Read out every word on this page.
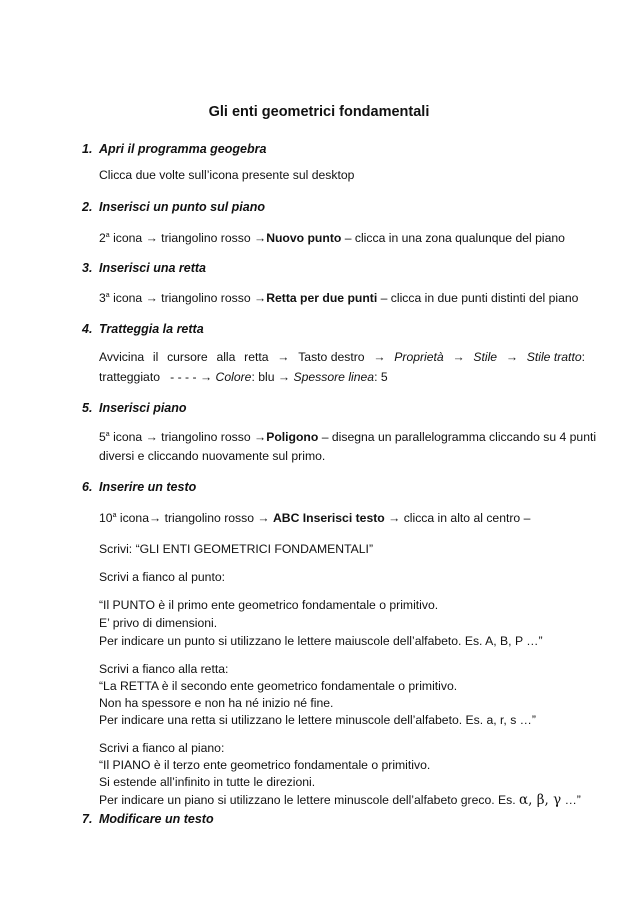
Gli enti geometrici fondamentali
1. Apri il programma geogebra
Clicca due volte sull’icona presente sul desktop
2. Inserisci un punto sul piano
2$^a$ icona → triangolino rosso →Nuovo punto – clicca in una zona qualunque del piano
3. Inserisci una retta
3$^a$ icona → triangolino rosso →Retta per due punti – clicca in due punti distinti del piano
4. Tratteggia la retta
Avvicina il cursore alla retta → Tasto destro → Proprietà → Stile → Stile tratto:
tratteggiato - - - - → Colore: blu → Spessore linea: 5
5. Inserisci piano
5$^a$ icona → triangolino rosso →Poligono – disegna un parallelogramma cliccando su 4 punti
diversi e cliccando nuovamente sul primo.
6. Inserire un testo
10$^a$ icona→ triangolino rosso → ABC Inserisci testo → clicca in alto al centro –
Scrivi: “GLI ENTI GEOMETRICI FONDAMENTALI”
Scrivi a fianco al punto:
“Il PUNTO è il primo ente geometrico fondamentale o primitivo.
E’ privo di dimensioni.
Per indicare un punto si utilizzano le lettere maiuscole dell’alfabeto. Es. A, B, P …”
Scrivi a fianco alla retta:
“La RETTA è il secondo ente geometrico fondamentale o primitivo.
Non ha spessore e non ha né inizio né fine.
Per indicare una retta si utilizzano le lettere minuscole dell’alfabeto. Es. a, r, s …”
Scrivi a fianco al piano:
“Il PIANO è il terzo ente geometrico fondamentale o primitivo.
Si estende all’infinito in tutte le direzioni.
Per indicare un piano si utilizzano le lettere minuscole dell’alfabeto greco. Es. α, β, γ …”
7. Modificare un testo
